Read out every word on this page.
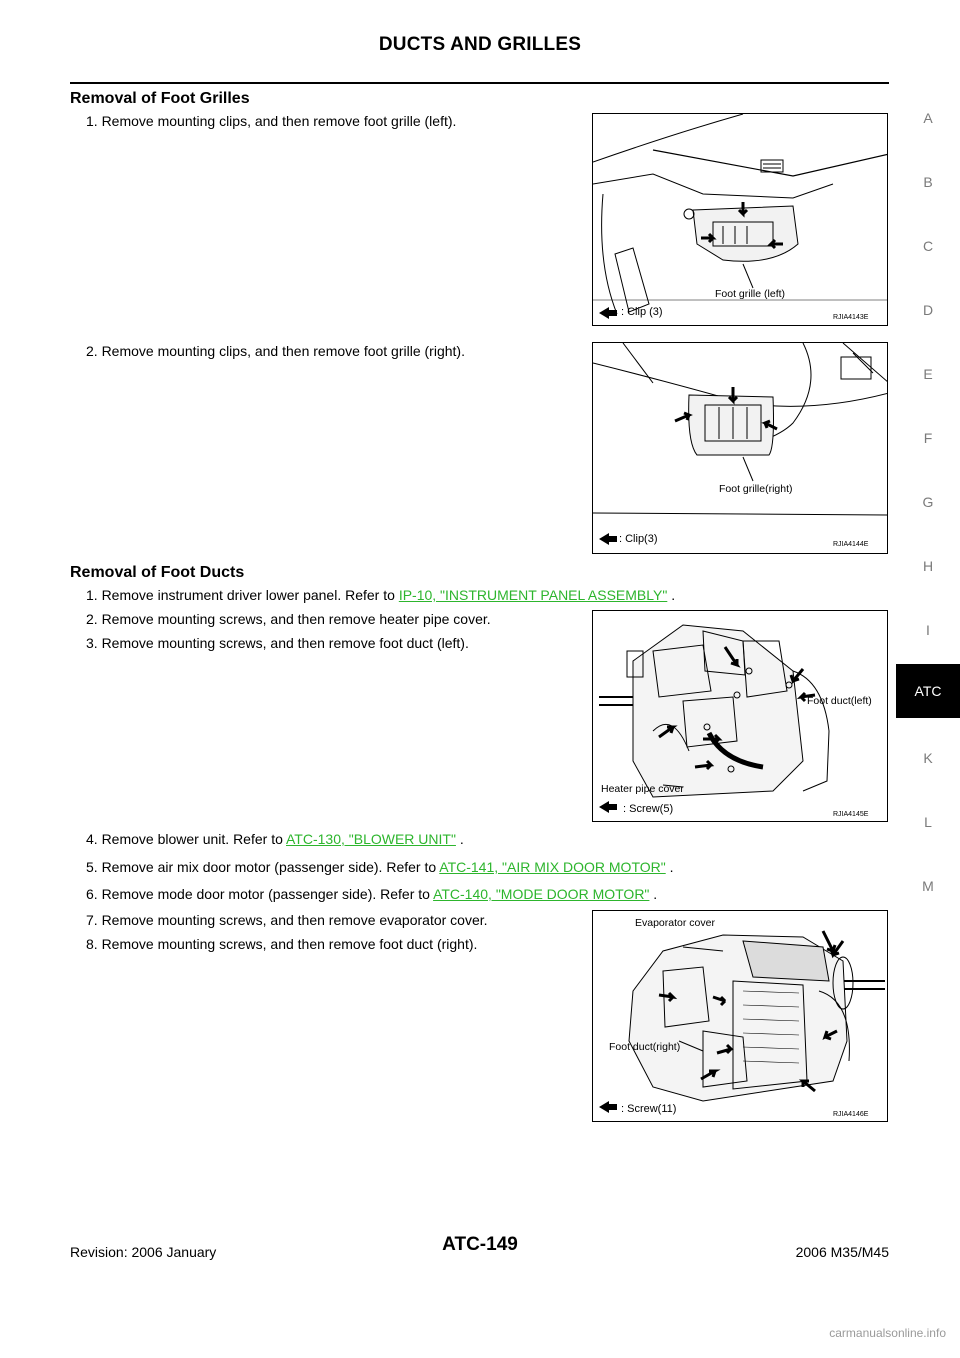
DUCTS AND GRILLES
A
B
C
D
E
F
G
H
I
ATC
K
L
M
Removal of Foot Grilles
1. Remove mounting clips, and then remove foot grille (left).
2. Remove mounting clips, and then remove foot grille (right).
Foot grille (left)
: Clip (3)	RJIA4143E
Foot grille(right)
: Clip(3)	RJIA4144E
Removal of Foot Ducts
1. Remove instrument driver lower panel. Refer to IP-10, "INSTRUMENT PANEL ASSEMBLY" .
2. Remove mounting screws, and then remove heater pipe cover.
3. Remove mounting screws, and then remove foot duct (left).
Foot duct(left)
Heater pipe cover
: Screw(5)	RJIA4145E
4. Remove blower unit. Refer to ATC-130, "BLOWER UNIT" .
5. Remove air mix door motor (passenger side). Refer to ATC-141, "AIR MIX DOOR MOTOR" .
6. Remove mode door motor (passenger side). Refer to ATC-140, "MODE DOOR MOTOR" .
7. Remove mounting screws, and then remove evaporator cover.
8. Remove mounting screws, and then remove foot duct (right).
Evaporator cover
Foot duct(right)
: Screw(11)	RJIA4146E
Revision: 2006 January	ATC-149	2006 M35/M45
carmanualsonline.info
